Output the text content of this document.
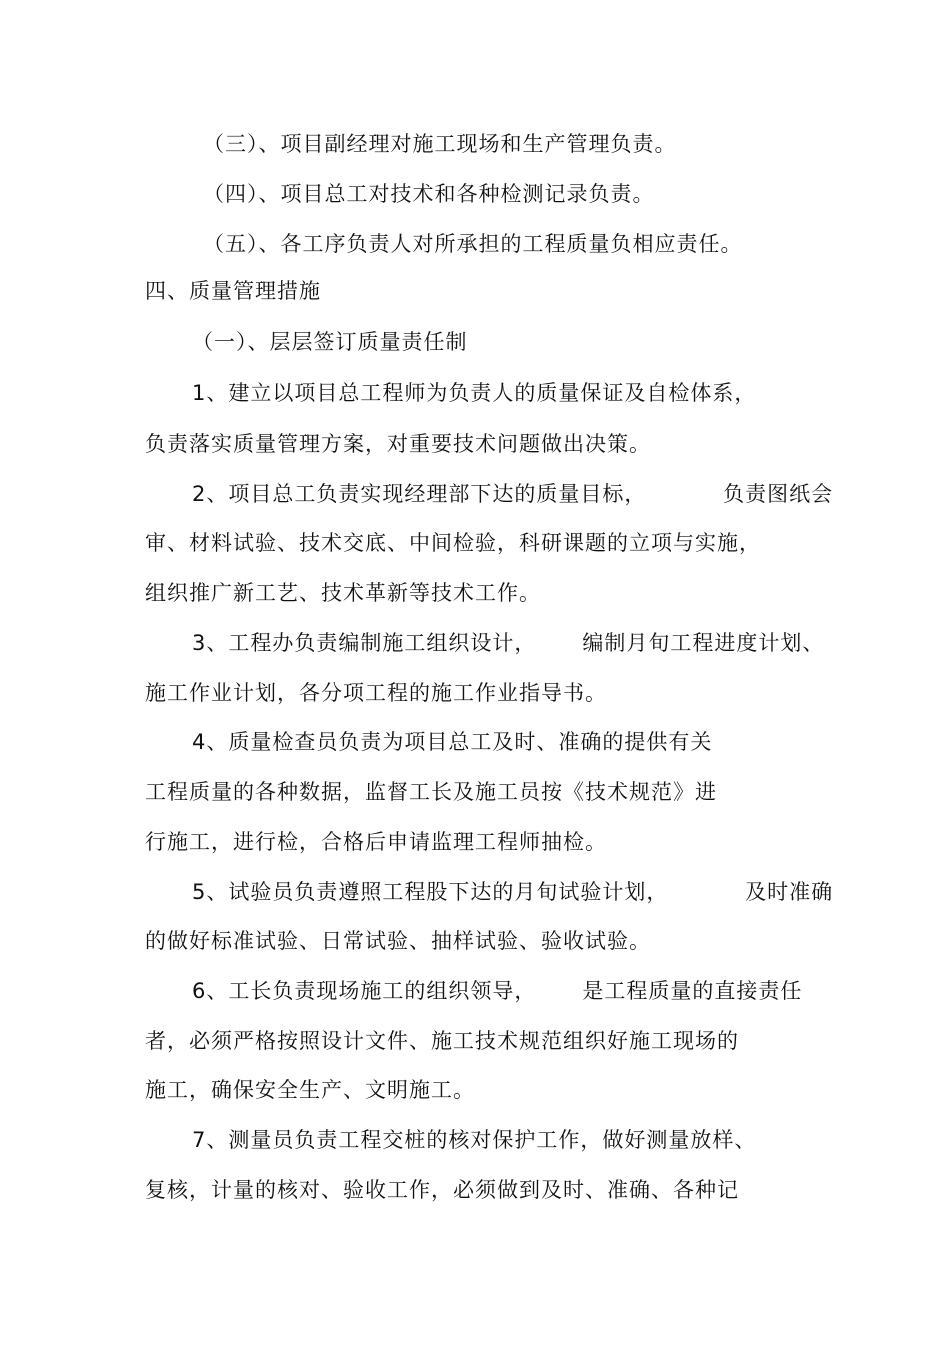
（三）、项目副经理对施工现场和生产管理负责。
（四）、项目总工对技术和各种检测记录负责。
（五）、各工序负责人对所承担的工程质量负相应责任。
四、质量管理措施
（一）、层层签订质量责任制
1、建立以项目总工程师为负责人的质量保证及自检体系，
负责落实质量管理方案，对重要技术问题做出决策。
2、项目总工负责实现经理部下达的质量目标，          负责图纸会
审、材料试验、技术交底、中间检验，科研课题的立项与实施，
组织推广新工艺、技术革新等技术工作。
3、工程办负责编制施工组织设计，      编制月旬工程进度计划、
施工作业计划，各分项工程的施工作业指导书。
4、质量检查员负责为项目总工及时、准确的提供有关
工程质量的各种数据，监督工长及施工员按《技术规范》进
行施工，进行检，合格后申请监理工程师抽检。
5、试验员负责遵照工程股下达的月旬试验计划，          及时准确
的做好标准试验、日常试验、抽样试验、验收试验。
6、工长负责现场施工的组织领导，      是工程质量的直接责任
者，必须严格按照设计文件、施工技术规范组织好施工现场的
施工，确保安全生产、文明施工。
7、测量员负责工程交桩的核对保护工作，做好测量放样、
复核，计量的核对、验收工作，必须做到及时、准确、各种记
